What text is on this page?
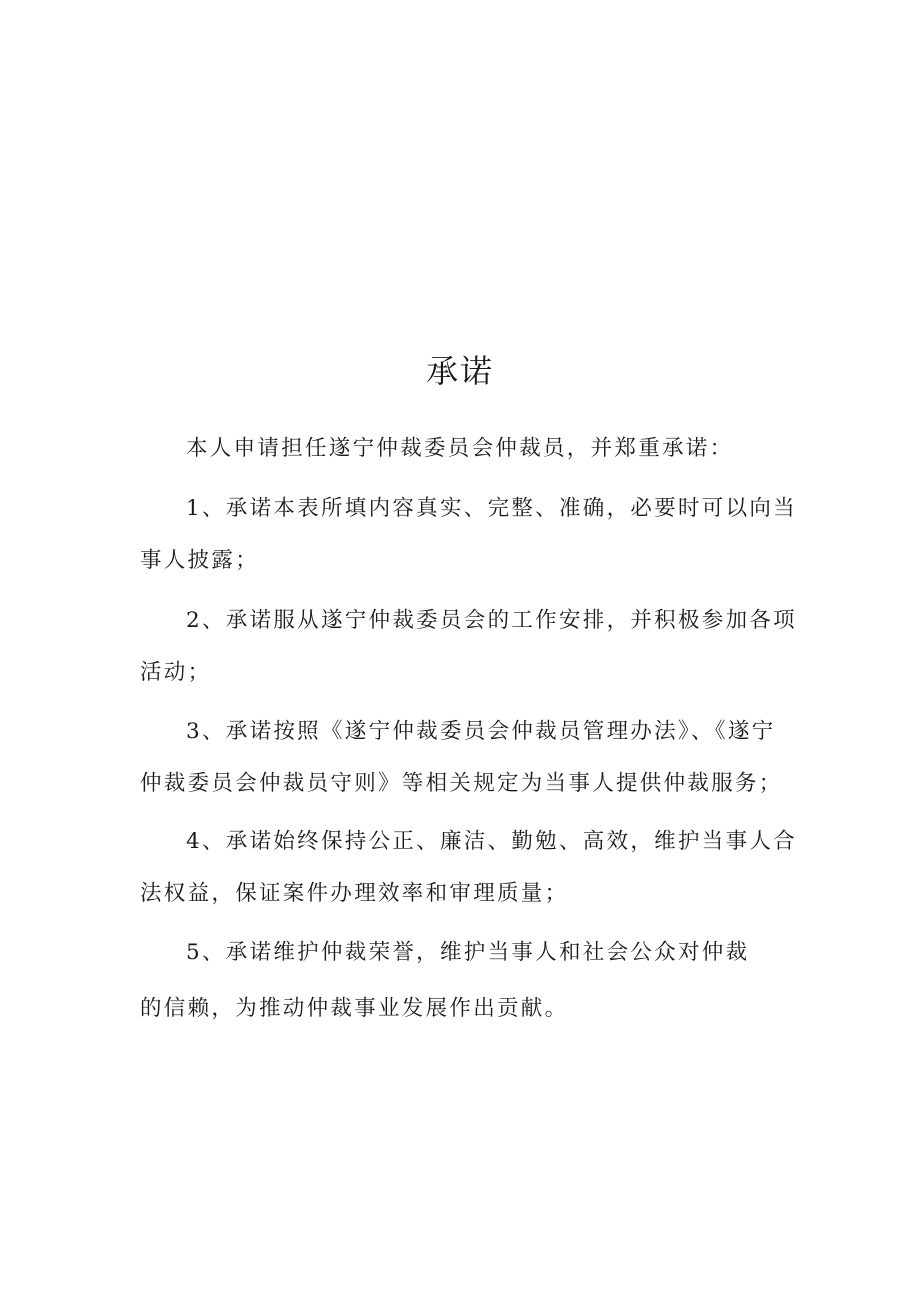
承诺

本人申请担任遂宁仲裁委员会仲裁员，并郑重承诺：

1、承诺本表所填内容真实、完整、准确，必要时可以向当

事人披露；

2、承诺服从遂宁仲裁委员会的工作安排，并积极参加各项

活动；

3、承诺按照《遂宁仲裁委员会仲裁员管理办法》、《遂宁

仲裁委员会仲裁员守则》等相关规定为当事人提供仲裁服务；

4、承诺始终保持公正、廉洁、勤勉、高效，维护当事人合

法权益，保证案件办理效率和审理质量；

5、承诺维护仲裁荣誉，维护当事人和社会公众对仲裁

的信赖，为推动仲裁事业发展作出贡献。
